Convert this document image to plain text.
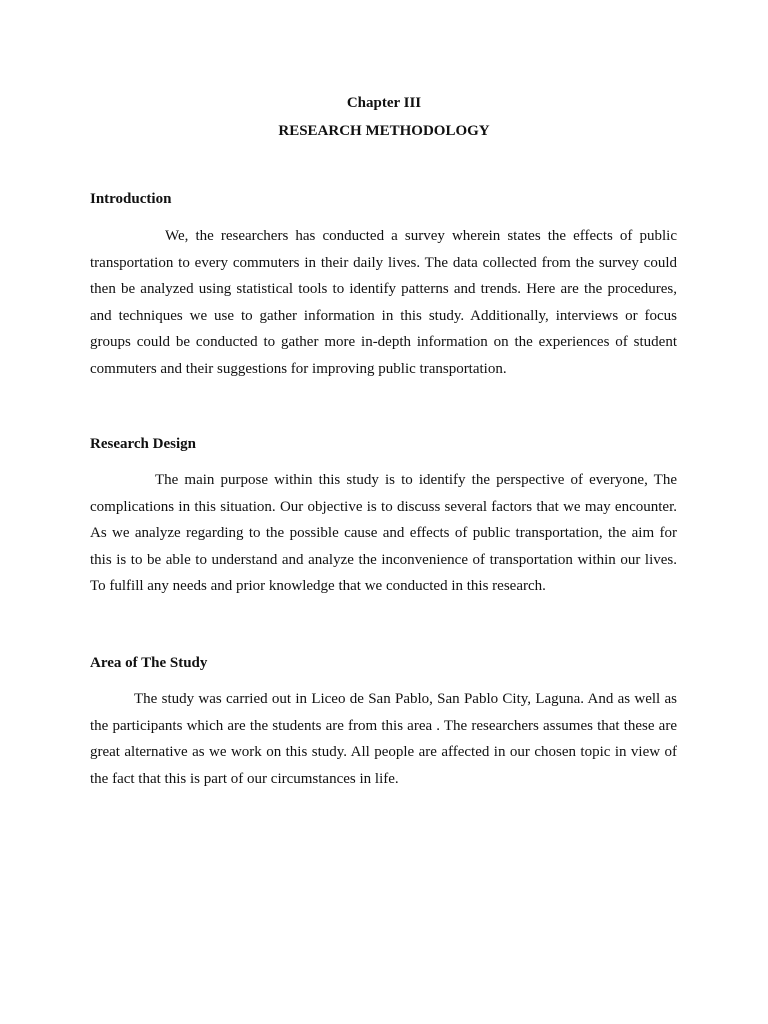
Chapter III
RESEARCH METHODOLOGY
Introduction

We, the researchers has conducted a survey wherein states the effects of public transportation to every commuters in their daily lives. The data collected from the survey could then be analyzed using statistical tools to identify patterns and trends. Here are the procedures, and techniques we use to gather information in this study. Additionally, interviews or focus groups could be conducted to gather more in-depth information on the experiences of student commuters and their suggestions for improving public transportation.

Research Design

The main purpose within this study is to identify the perspective of everyone, The complications in this situation. Our objective is to discuss several factors that we may encounter. As we analyze regarding to the possible cause and effects of public transportation, the aim for this is to be able to understand and analyze the inconvenience of transportation within our lives. To fulfill any needs and prior knowledge that we conducted in this research.

Area of The Study

The study was carried out in Liceo de San Pablo, San Pablo City, Laguna. And as well as the participants which are the students are from this area . The researchers assumes that these are great alternative as we work on this study. All people are affected in our chosen topic in view of the fact that this is part of our circumstances in life.
